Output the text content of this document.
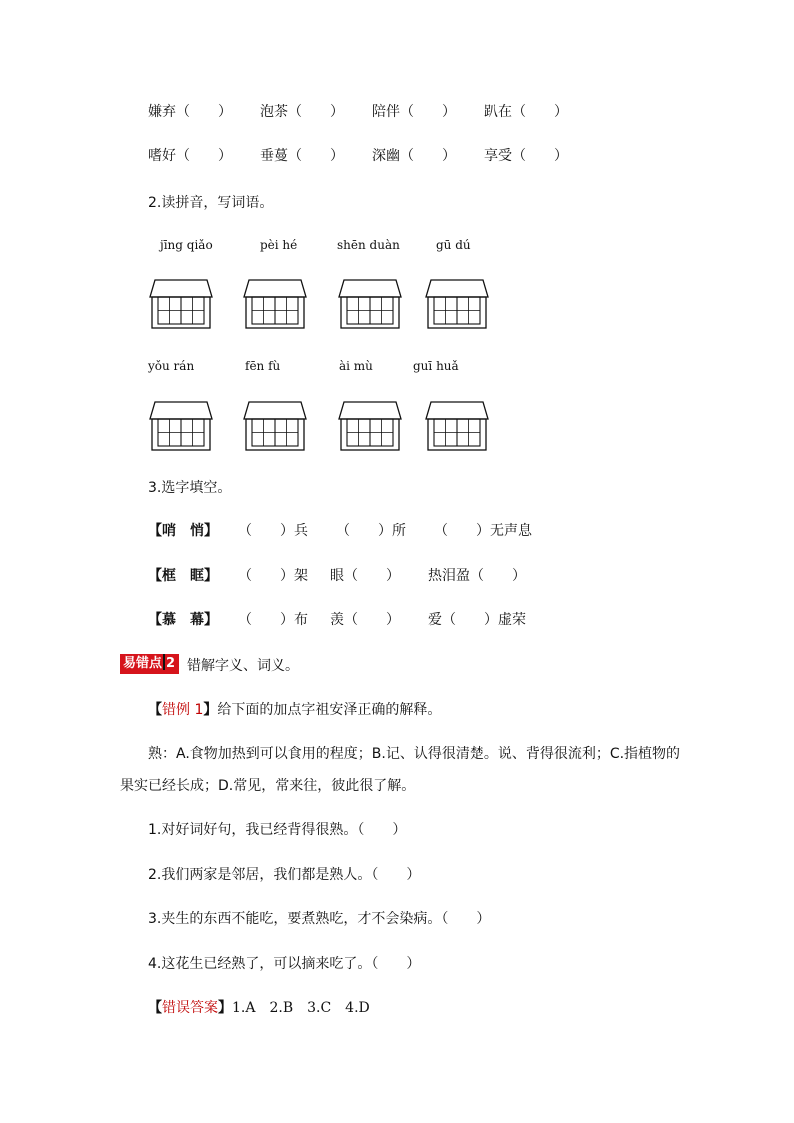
嫌弃（　　） 泡茶（　　） 陪伴（　　） 趴在（　　）
嗜好（　　） 垂蔓（　　） 深幽（　　） 享受（　　）
2.读拼音，写词语。
jīng qiǎo	pèi hé	shēn duàn	gū dú
yǒu rán	fēn fù	ài mù	guī huǎ
3.选字填空。
【哨　悄】 （　　）兵 （　　）所 （　　）无声息
【框　眶】 （　　）架 眼（　　） 热泪盈（　　）
【慕　幕】 （　　）布 羡（　　） 爱（　　）虚荣
易错点 2 错解字义、词义。
【错例 1】给下面的加点字祖安泽正确的解释。
熟：A.食物加热到可以食用的程度；B.记、认得很清楚。说、背得很流利；C.指植物的
果实已经长成；D.常见，常来往，彼此很了解。
1.对好词好句，我已经背得很熟。（　　）
2.我们两家是邻居，我们都是熟人。（　　）
3.夹生的东西不能吃，要煮熟吃，才不会染病。（　　）
4.这花生已经熟了，可以摘来吃了。（　　）
【错误答案】1.A　2.B　3.C　4.D
